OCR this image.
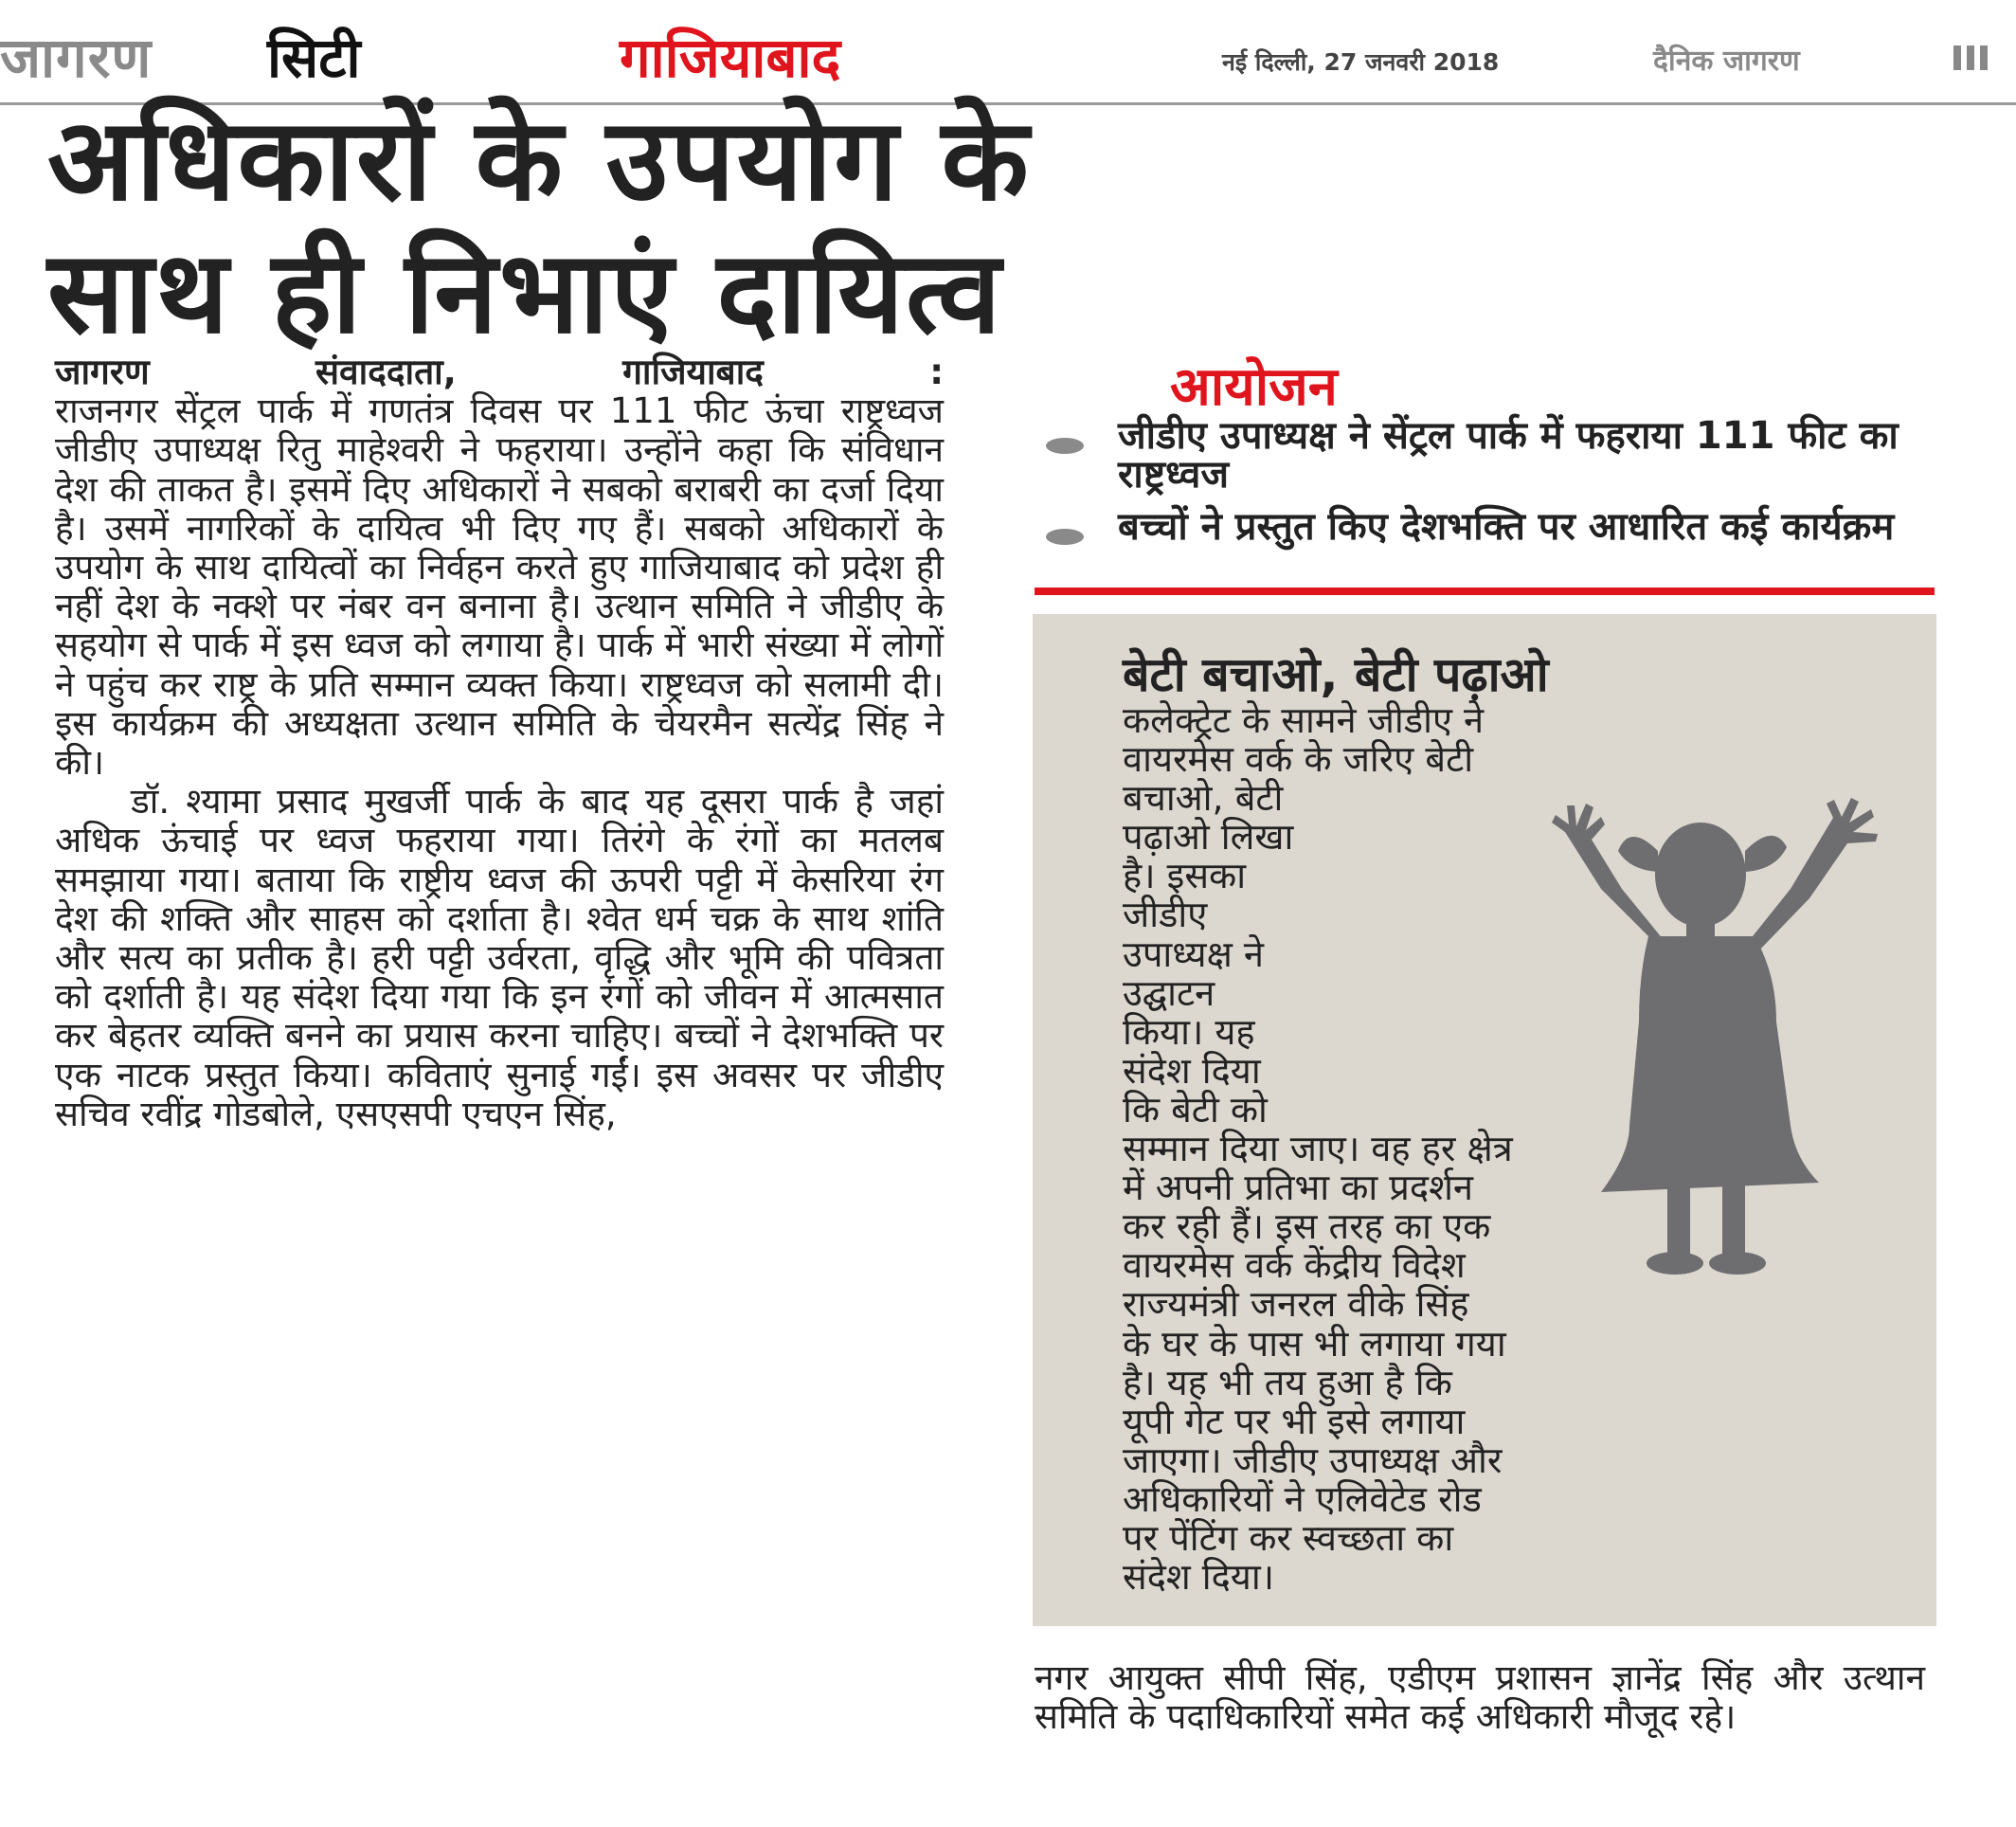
जागरण सिटी	गाजियाबाद	नई दिल्ली, 27 जनवरी 2018	दैनिक जागरण
अधिकारों के उपयोग के
साथ ही निभाएं दायित्व

जागरण संवाददाता, गाजियाबाद :

राजनगर सेंट्रल पार्क में गणतंत्र दिवस पर 111 फीट ऊंचा राष्ट्रध्वज जीडीए उपाध्यक्ष रितु माहेश्वरी ने फहराया। उन्होंने कहा कि संविधान देश की ताकत है। इसमें दिए अधिकारों ने सबको बराबरी का दर्जा दिया है। उसमें नागरिकों के दायित्व भी दिए गए हैं। सबको अधिकारों के उपयोग के साथ दायित्वों का निर्वहन करते हुए गाजियाबाद को प्रदेश ही नहीं देश के नक्शे पर नंबर वन बनाना है। उत्थान समिति ने जीडीए के सहयोग से पार्क में इस ध्वज को लगाया है। पार्क में भारी संख्या में लोगों ने पहुंच कर राष्ट्र के प्रति सम्मान व्यक्त किया। राष्ट्रध्वज को सलामी दी। इस कार्यक्रम की अध्यक्षता उत्थान समिति के चेयरमैन सत्येंद्र सिंह ने की।

डॉ. श्यामा प्रसाद मुखर्जी पार्क के बाद यह दूसरा पार्क है जहां अधिक ऊंचाई पर ध्वज फहराया गया। तिरंगे के रंगों का मतलब समझाया गया। बताया कि राष्ट्रीय ध्वज की ऊपरी पट्टी में केसरिया रंग देश की शक्ति और साहस को दर्शाता है। श्वेत धर्म चक्र के साथ शांति और सत्य का प्रतीक है। हरी पट्टी उर्वरता, वृद्धि और भूमि की पवित्रता को दर्शाती है। यह संदेश दिया गया कि इन रंगों को जीवन में आत्मसात कर बेहतर व्यक्ति बनने का प्रयास करना चाहिए। बच्चों ने देशभक्ति पर एक नाटक प्रस्तुत किया। कविताएं सुनाई गईं। इस अवसर पर जीडीए सचिव रवींद्र गोडबोले, एसएसपी एचएन सिंह,

आयोजन
जीडीए उपाध्यक्ष ने सेंट्रल पार्क में फहराया 111 फीट का राष्ट्रध्वज
बच्चों ने प्रस्तुत किए देशभक्ति पर आधारित कई कार्यक्रम
बेटी बचाओ, बेटी पढ़ाओ
कलेक्ट्रेट के सामने जीडीए ने
वायरमेस वर्क के जरिए बेटी
बचाओ, बेटी
पढ़ाओ लिखा
है। इसका
जीडीए
उपाध्यक्ष ने
उद्घाटन
किया। यह
संदेश दिया
कि बेटी को
सम्मान दिया जाए। वह हर क्षेत्र
में अपनी प्रतिभा का प्रदर्शन
कर रही हैं। इस तरह का एक
वायरमेस वर्क केंद्रीय विदेश
राज्यमंत्री जनरल वीके सिंह
के घर के पास भी लगाया गया
है। यह भी तय हुआ है कि
यूपी गेट पर भी इसे लगाया
जाएगा। जीडीए उपाध्यक्ष और
अधिकारियों ने एलिवेटेड रोड
पर पेंटिंग कर स्वच्छता का
संदेश दिया।
नगर आयुक्त सीपी सिंह, एडीएम प्रशासन ज्ञानेंद्र सिंह और उत्थान समिति के पदाधिकारियों समेत कई अधिकारी मौजूद रहे।
